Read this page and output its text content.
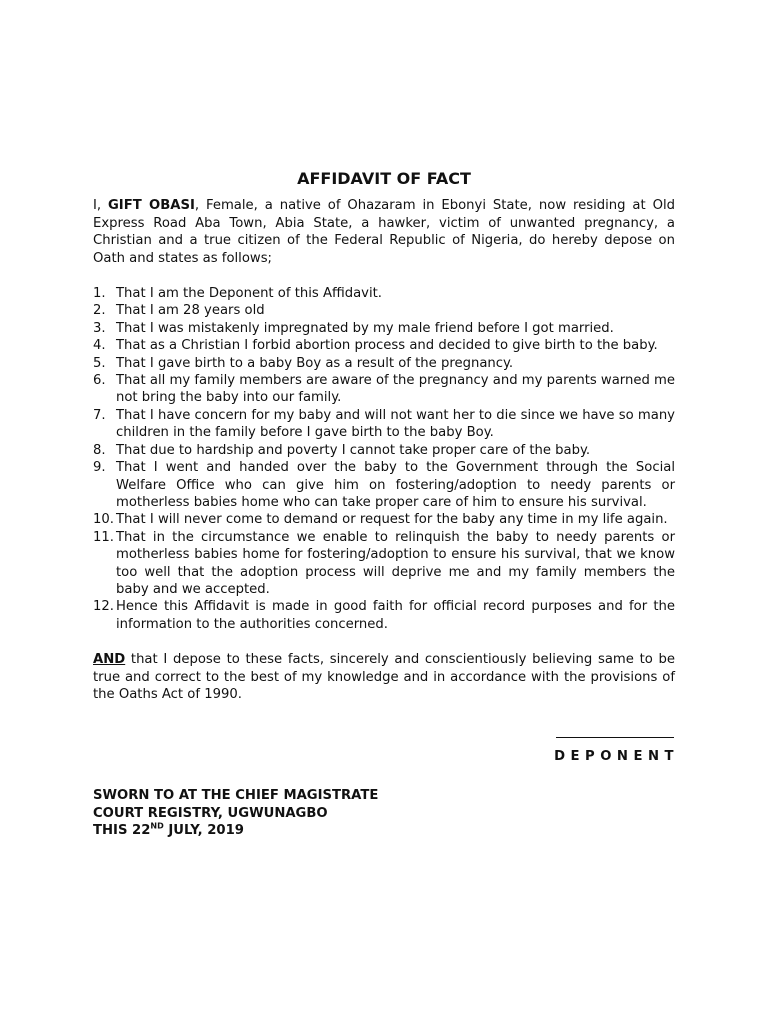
AFFIDAVIT OF FACT

I, GIFT OBASI, Female, a native of Ohazaram in Ebonyi State, now residing at Old Express Road Aba Town, Abia State, a hawker, victim of unwanted pregnancy, a Christian and a true citizen of the Federal Republic of Nigeria, do hereby depose on Oath and states as follows;

1. That I am the Deponent of this Affidavit.
2. That I am 28 years old
3. That I was mistakenly impregnated by my male friend before I got married.
4. That as a Christian I forbid abortion process and decided to give birth to the baby.
5. That I gave birth to a baby Boy as a result of the pregnancy.
6. That all my family members are aware of the pregnancy and my parents warned me not bring the baby into our family.
7. That I have concern for my baby and will not want her to die since we have so many children in the family before I gave birth to the baby Boy.
8. That due to hardship and poverty I cannot take proper care of the baby.
9. That I went and handed over the baby to the Government through the Social Welfare Office who can give him on fostering/adoption to needy parents or motherless babies home who can take proper care of him to ensure his survival.
10. That I will never come to demand or request for the baby any time in my life again.
11. That in the circumstance we enable to relinquish the baby to needy parents or motherless babies home for fostering/adoption to ensure his survival, that we know too well that the adoption process will deprive me and my family members the baby and we accepted.
12. Hence this Affidavit is made in good faith for official record purposes and for the information to the authorities concerned.

AND that I depose to these facts, sincerely and conscientiously believing same to be true and correct to the best of my knowledge and in accordance with the provisions of the Oaths Act of 1990.

DEPONENT
SWORN TO AT THE CHIEF MAGISTRATE
COURT REGISTRY, UGWUNAGBO
THIS 22ND JULY, 2019
